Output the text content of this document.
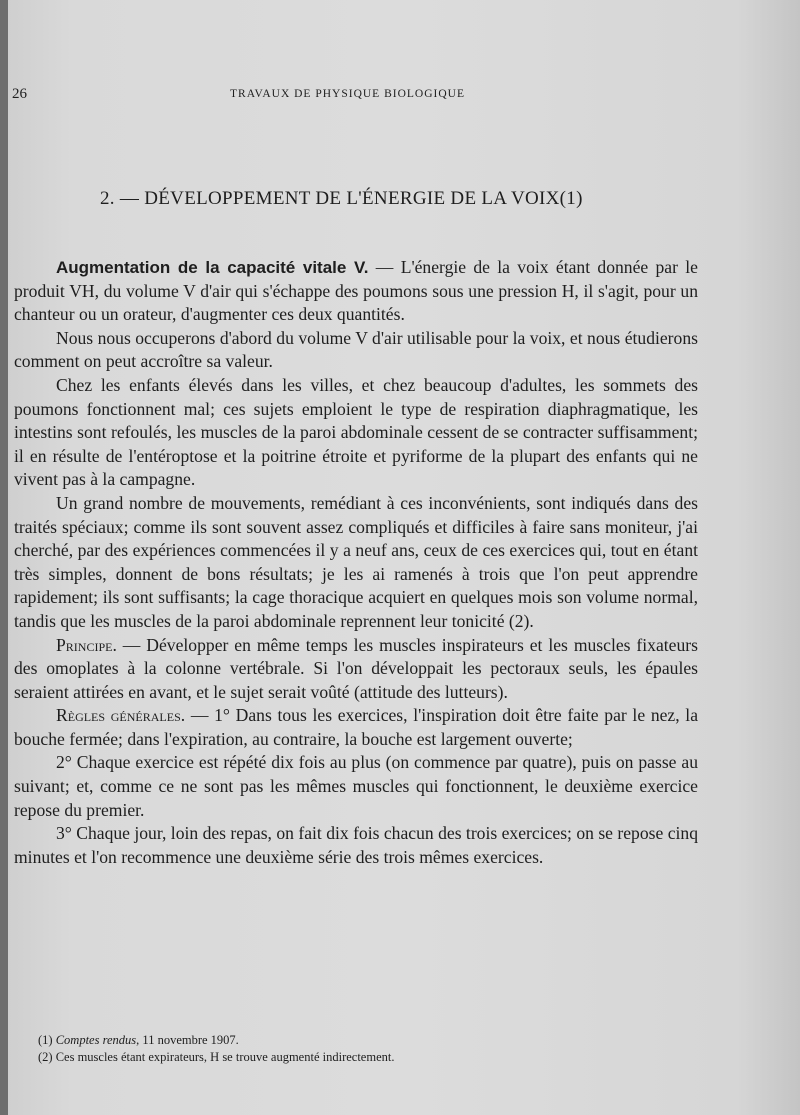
26	TRAVAUX DE PHYSIQUE BIOLOGIQUE
2. — DÉVELOPPEMENT DE L'ÉNERGIE DE LA VOIX(1)

Augmentation de la capacité vitale V. — L'énergie de la voix étant donnée par le produit VH, du volume V d'air qui s'échappe des poumons sous une pression H, il s'agit, pour un chanteur ou un orateur, d'augmenter ces deux quantités.

Nous nous occuperons d'abord du volume V d'air utilisable pour la voix, et nous étudierons comment on peut accroître sa valeur.

Chez les enfants élevés dans les villes, et chez beaucoup d'adultes, les sommets des poumons fonctionnent mal; ces sujets emploient le type de respiration diaphragmatique, les intestins sont refoulés, les muscles de la paroi abdominale cessent de se contracter suffisamment; il en résulte de l'entéroptose et la poitrine étroite et pyriforme de la plupart des enfants qui ne vivent pas à la campagne.

Un grand nombre de mouvements, remédiant à ces inconvénients, sont indiqués dans des traités spéciaux; comme ils sont souvent assez compliqués et difficiles à faire sans moniteur, j'ai cherché, par des expériences commencées il y a neuf ans, ceux de ces exercices qui, tout en étant très simples, donnent de bons résultats; je les ai ramenés à trois que l'on peut apprendre rapidement; ils sont suffisants; la cage thoracique acquiert en quelques mois son volume normal, tandis que les muscles de la paroi abdominale reprennent leur tonicité (2).

Principe. — Développer en même temps les muscles inspirateurs et les muscles fixateurs des omoplates à la colonne vertébrale. Si l'on développait les pectoraux seuls, les épaules seraient attirées en avant, et le sujet serait voûté (attitude des lutteurs).

Règles générales. — 1° Dans tous les exercices, l'inspiration doit être faite par le nez, la bouche fermée; dans l'expiration, au contraire, la bouche est largement ouverte;

2° Chaque exercice est répété dix fois au plus (on commence par quatre), puis on passe au suivant; et, comme ce ne sont pas les mêmes muscles qui fonctionnent, le deuxième exercice repose du premier.

3° Chaque jour, loin des repas, on fait dix fois chacun des trois exercices; on se repose cinq minutes et l'on recommence une deuxième série des trois mêmes exercices.

(1) Comptes rendus, 11 novembre 1907.
(2) Ces muscles étant expirateurs, H se trouve augmenté indirectement.
